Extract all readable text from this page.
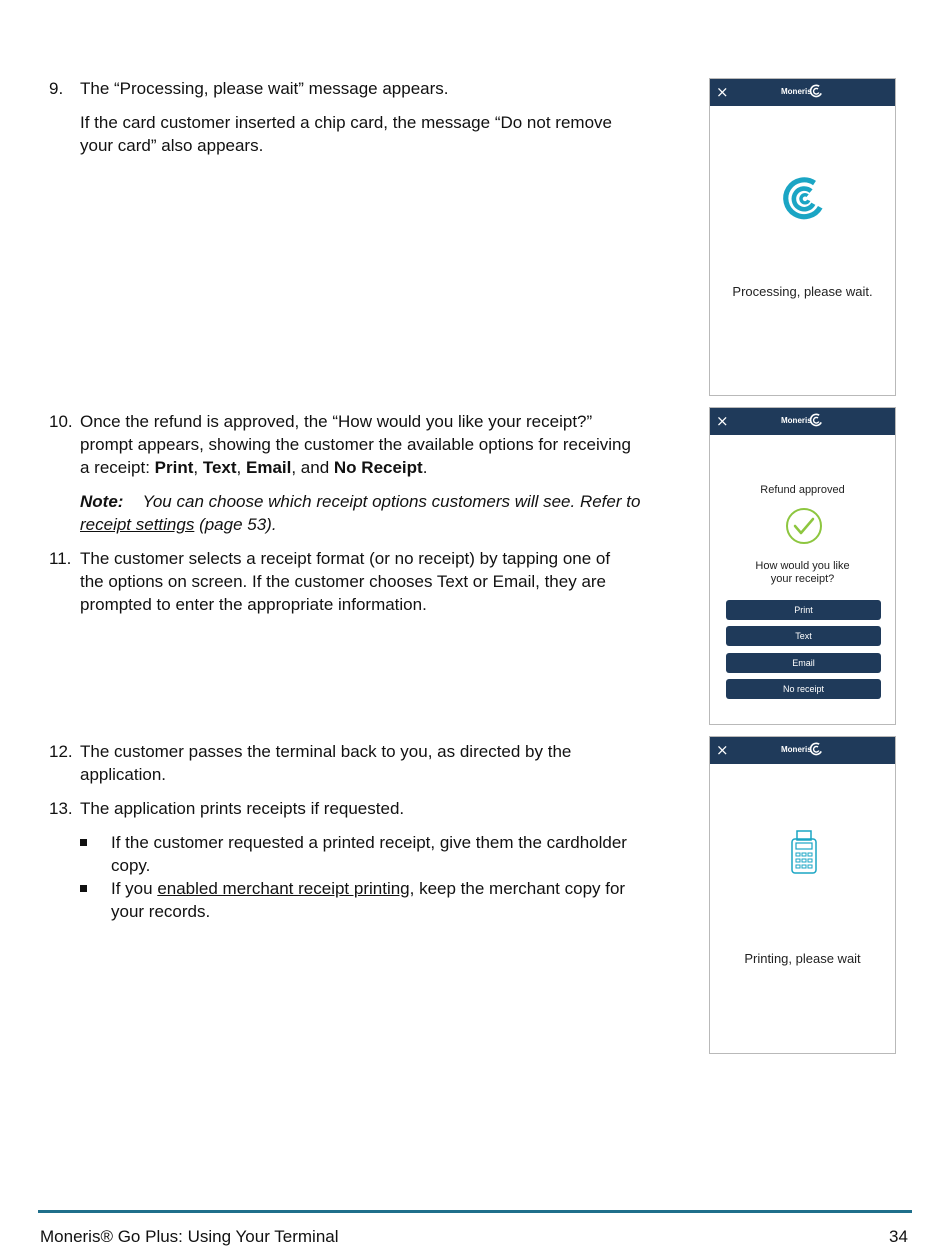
9. The “Processing, please wait” message appears.

If the card customer inserted a chip card, the message “Do not remove

your card” also appears.

10. Once the refund is approved, the “How would you like your receipt?”

prompt appears, showing the customer the available options for receiving

a receipt: Print, Text, Email, and No Receipt.

Note: You can choose which receipt options customers will see. Refer to

receipt settings (page 53).

11. The customer selects a receipt format (or no receipt) by tapping one of

the options on screen. If the customer chooses Text or Email, they are

prompted to enter the appropriate information.

12. The customer passes the terminal back to you, as directed by the

application.

13. The application prints receipts if requested.

If the customer requested a printed receipt, give them the cardholder

copy.

If you enabled merchant receipt printing, keep the merchant copy for

your records.

×	Moneris
Processing, please wait.
×	Moneris
Refund approved
How would you like
your receipt?
Print
Text
Email
No receipt
×	Moneris
Printing, please wait
Moneris® Go Plus: Using Your Terminal	34
